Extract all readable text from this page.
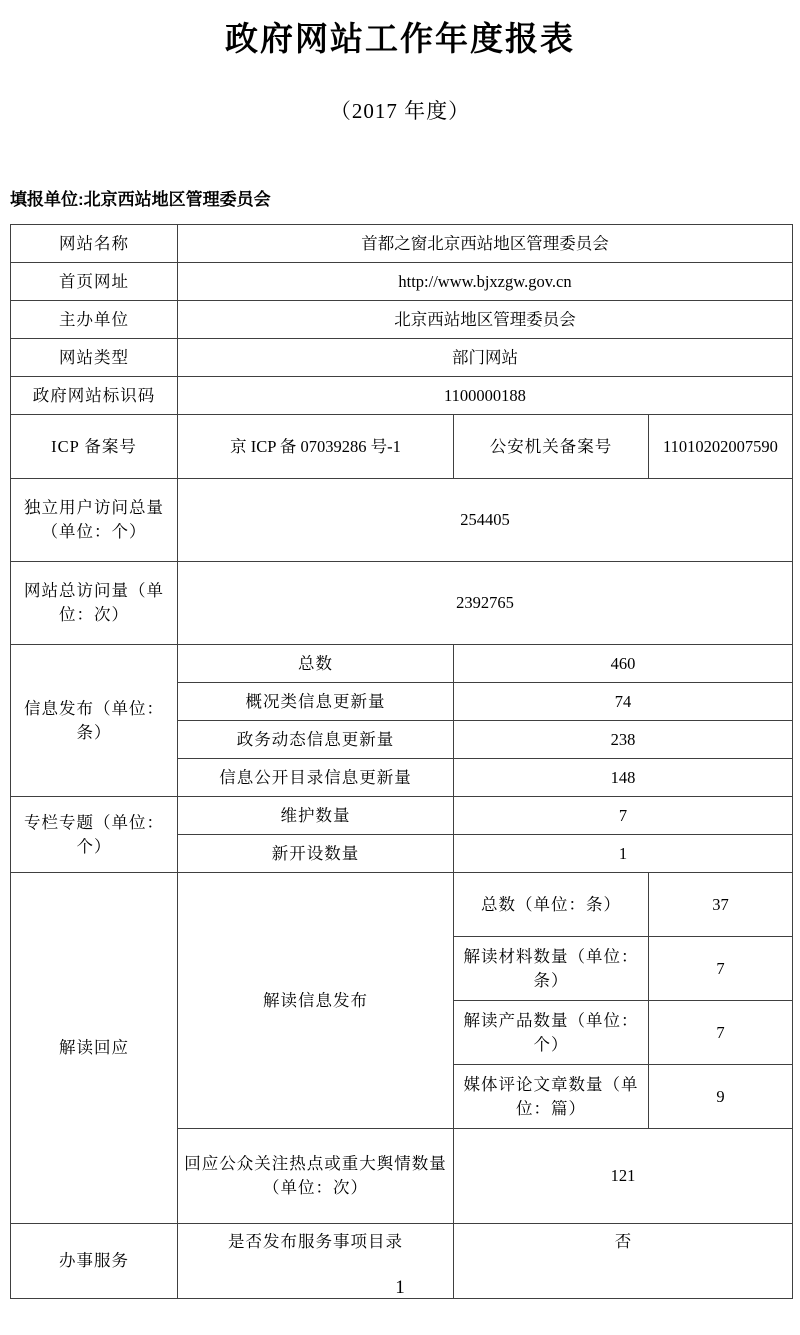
政府网站工作年度报表
（2017 年度）
填报单位:北京西站地区管理委员会
网站名称	首都之窗北京西站地区管理委员会		
首页网址	http://www.bjxzgw.gov.cn		
主办单位	北京西站地区管理委员会		
网站类型	部门网站		
政府网站标识码	1100000188		
ICP 备案号	京 ICP 备 07039286 号-1	公安机关备案号	11010202007590
独立用户访问总量（单位：个）	254405		
网站总访问量（单位：次）	2392765		
信息发布（单位：条）	总数	460	
	概况类信息更新量	74	
	政务动态信息更新量	238	
	信息公开目录信息更新量	148	
专栏专题（单位：个）	维护数量	7	
	新开设数量	1	
解读回应	解读信息发布	总数（单位：条）	37
		解读材料数量（单位：条）	7
		解读产品数量（单位：个）	7
		媒体评论文章数量（单位：篇）	9
	回应公众关注热点或重大舆情数量（单位：次）	121	
办事服务	是否发布服务事项目录	否	
1
